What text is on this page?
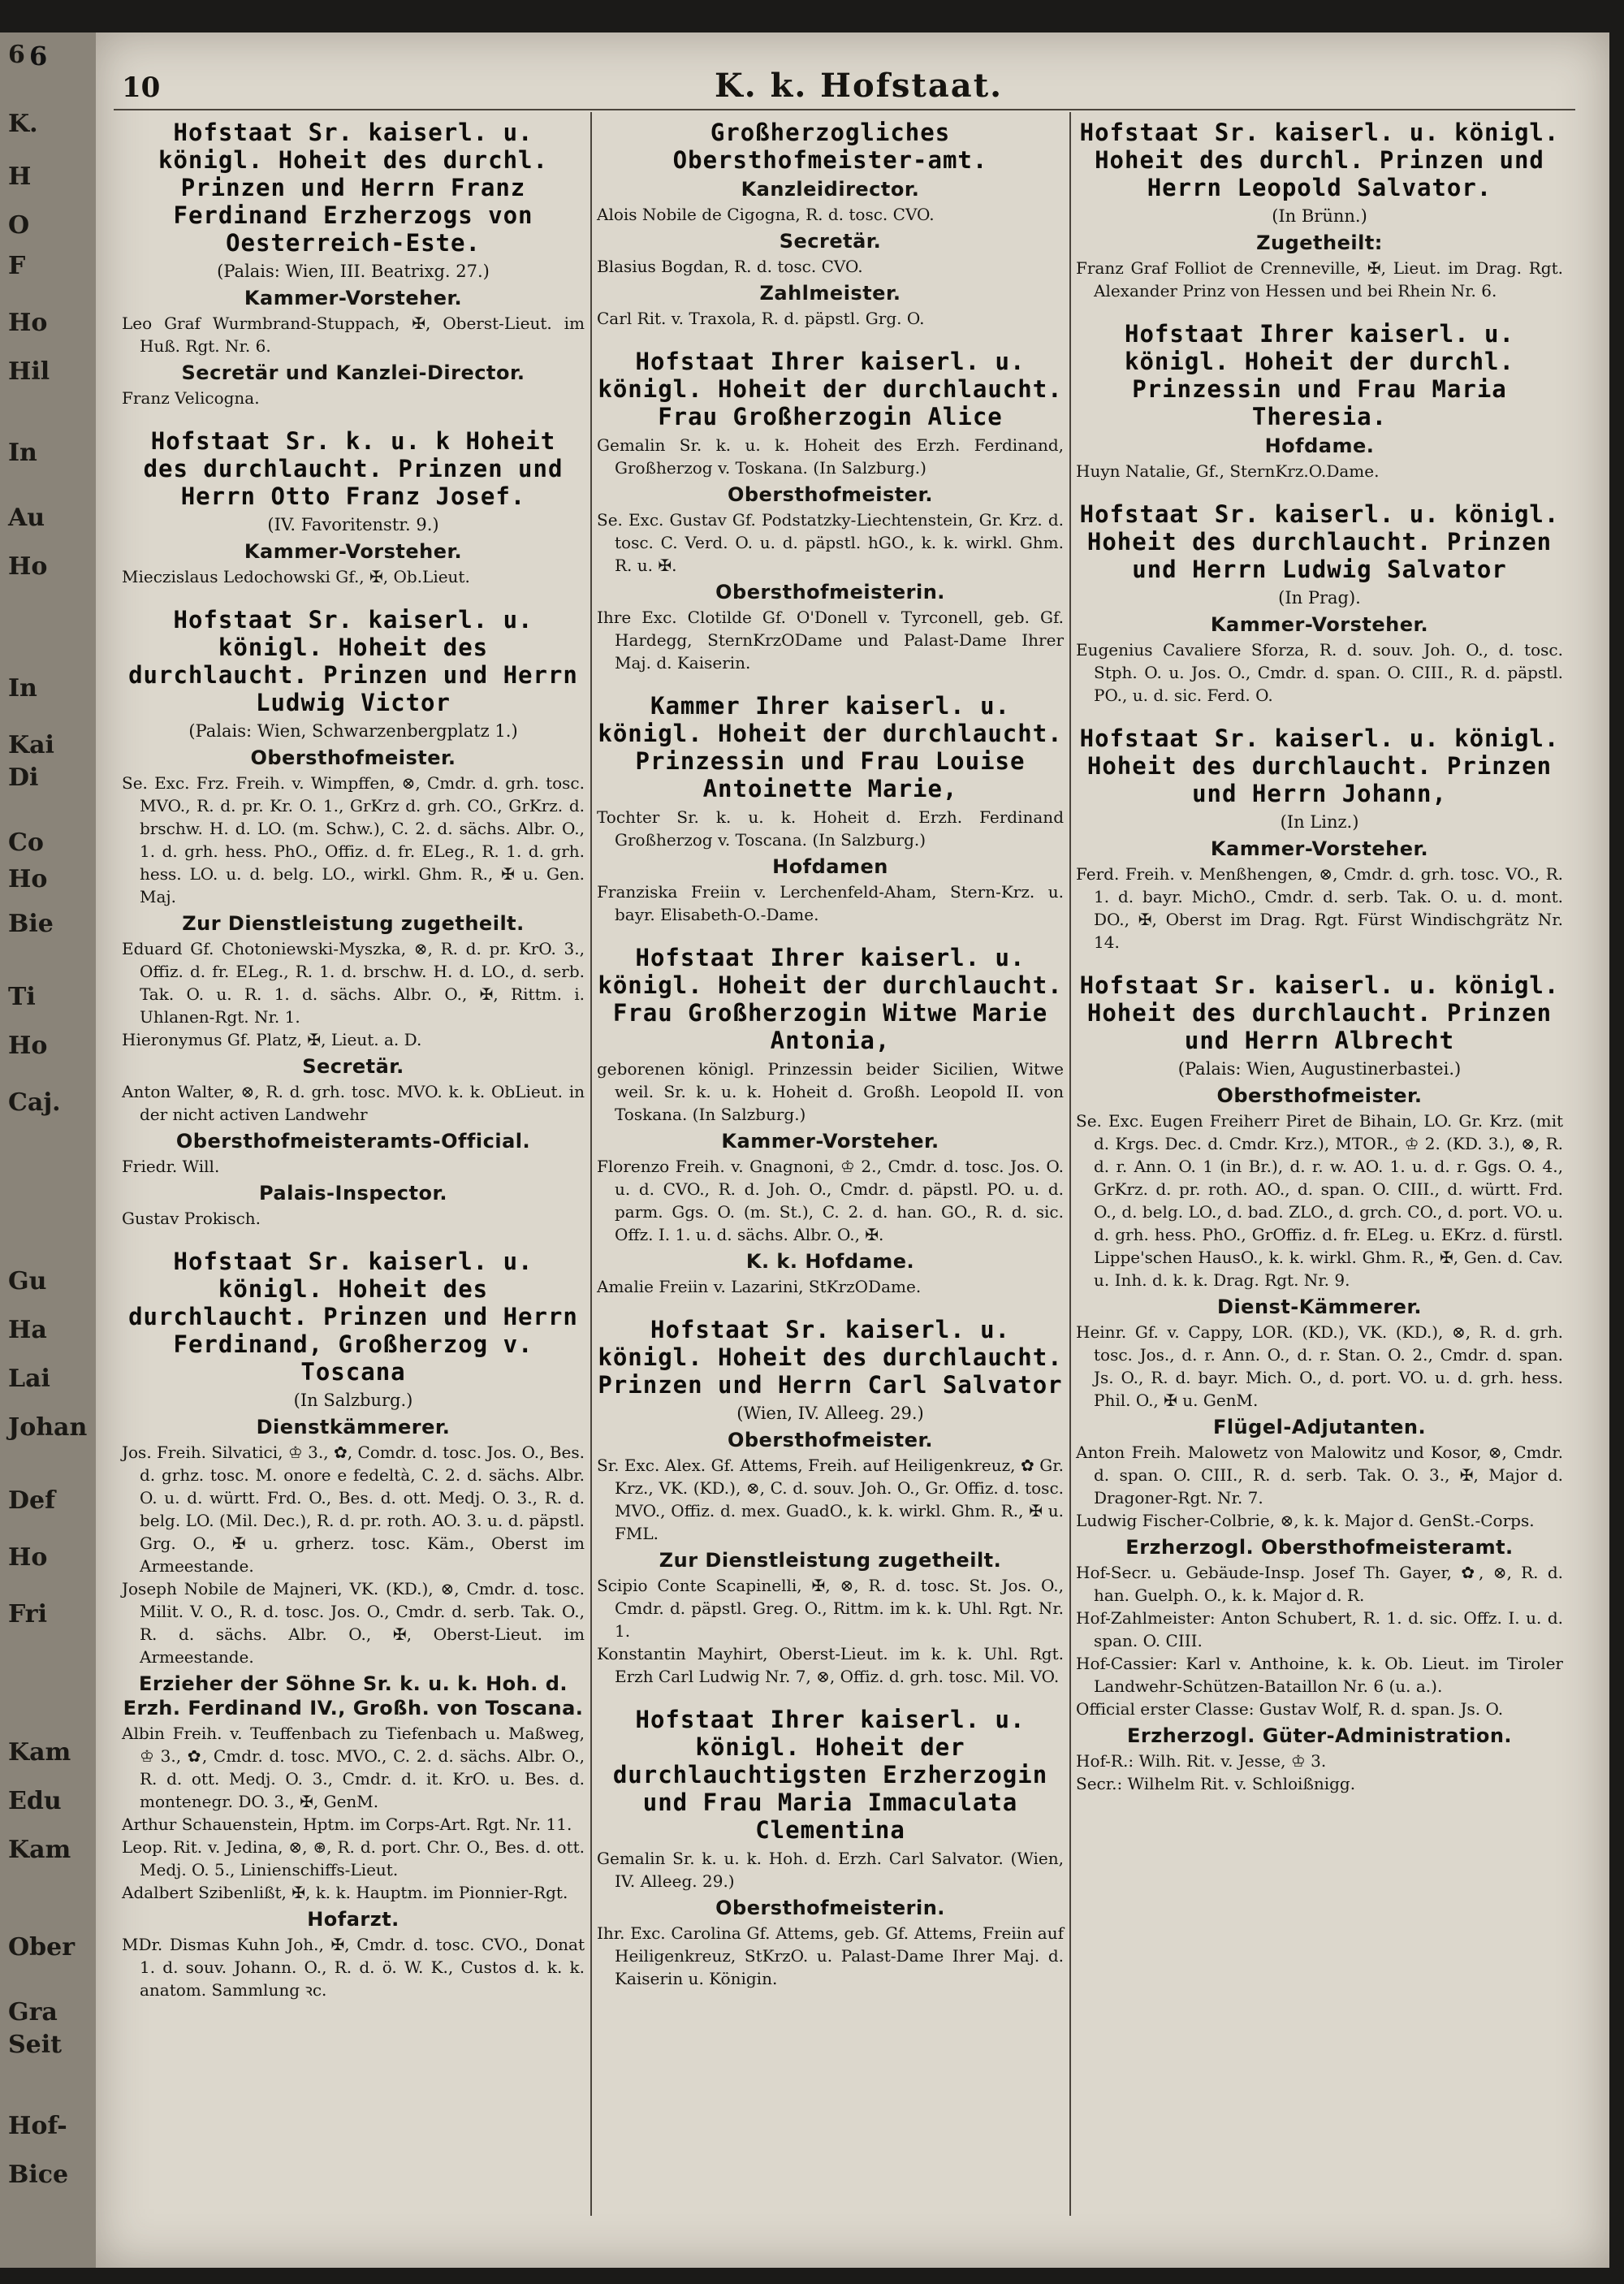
6
K.
H
O
F
Ho
Hil
In
Au
Ho
In
Kai
Di
Co
Ho
Bie
Ti
Ho
Caj.
Gu
Ha
Lai
Johan
Def
Ho
Fri
Kam
Edu
Kam
Ober
Gra
Seit
Hof-
Bice
6
10	K. k. Hofstaat.
Hofstaat Sr. kaiserl. u. königl. Hoheit des durchl. Prinzen und Herrn Franz Ferdinand Erzherzogs von Oesterreich-Este.
(Palais: Wien, III. Beatrixg. 27.)
Kammer-Vorsteher.

Leo Graf Wurmbrand-Stuppach, ✠, Oberst-Lieut. im Huß. Rgt. Nr. 6.

Secretär und Kanzlei-Director.

Franz Velicogna.

Hofstaat Sr. k. u. k Hoheit des durchlaucht. Prinzen und Herrn Otto Franz Josef.
(IV. Favoritenstr. 9.)
Kammer-Vorsteher.

Mieczislaus Ledochowski Gf., ✠, Ob.Lieut.

Hofstaat Sr. kaiserl. u. königl. Hoheit des durchlaucht. Prinzen und Herrn Ludwig Victor
(Palais: Wien, Schwarzenbergplatz 1.)
Obersthofmeister.

Se. Exc. Frz. Freih. v. Wimpffen, ⊗, Cmdr. d. grh. tosc. MVO., R. d. pr. Kr. O. 1., GrKrz d. grh. CO., GrKrz. d. brschw. H. d. LO. (m. Schw.), C. 2. d. sächs. Albr. O., 1. d. grh. hess. PhO., Offiz. d. fr. ELeg., R. 1. d. grh. hess. LO. u. d. belg. LO., wirkl. Ghm. R., ✠ u. Gen. Maj.

Zur Dienstleistung zugetheilt.

Eduard Gf. Chotoniewski-Myszka, ⊗, R. d. pr. KrO. 3., Offiz. d. fr. ELeg., R. 1. d. brschw. H. d. LO., d. serb. Tak. O. u. R. 1. d. sächs. Albr. O., ✠, Rittm. i. Uhlanen-Rgt. Nr. 1.

Hieronymus Gf. Platz, ✠, Lieut. a. D.

Secretär.

Anton Walter, ⊗, R. d. grh. tosc. MVO. k. k. ObLieut. in der nicht activen Landwehr

Obersthofmeisteramts-Official.

Friedr. Will.

Palais-Inspector.

Gustav Prokisch.

Hofstaat Sr. kaiserl. u. königl. Hoheit des durchlaucht. Prinzen und Herrn Ferdinand, Großherzog v. Toscana
(In Salzburg.)
Dienstkämmerer.

Jos. Freih. Silvatici, ♔ 3., ✿, Comdr. d. tosc. Jos. O., Bes. d. grhz. tosc. M. onore e fedeltà, C. 2. d. sächs. Albr. O. u. d. württ. Frd. O., Bes. d. ott. Medj. O. 3., R. d. belg. LO. (Mil. Dec.), R. d. pr. roth. AO. 3. u. d. päpstl. Grg. O., ✠ u. grherz. tosc. Käm., Oberst im Armeestande.

Joseph Nobile de Majneri, VK. (KD.), ⊗, Cmdr. d. tosc. Milit. V. O., R. d. tosc. Jos. O., Cmdr. d. serb. Tak. O., R. d. sächs. Albr. O., ✠, Oberst-Lieut. im Armeestande.

Erzieher der Söhne Sr. k. u. k. Hoh. d. Erzh. Ferdinand IV., Großh. von Toscana.

Albin Freih. v. Teuffenbach zu Tiefenbach u. Maßweg, ♔ 3., ✿, Cmdr. d. tosc. MVO., C. 2. d. sächs. Albr. O., R. d. ott. Medj. O. 3., Cmdr. d. it. KrO. u. Bes. d. montenegr. DO. 3., ✠, GenM.

Arthur Schauenstein, Hptm. im Corps-Art. Rgt. Nr. 11.

Leop. Rit. v. Jedina, ⊗, ⊛, R. d. port. Chr. O., Bes. d. ott. Medj. O. 5., Linienschiffs-Lieut.

Adalbert Szibenlißt, ✠, k. k. Hauptm. im Pionnier-Rgt.

Hofarzt.

MDr. Dismas Kuhn Joh., ✠, Cmdr. d. tosc. CVO., Donat 1. d. souv. Johann. O., R. d. ö. W. K., Custos d. k. k. anatom. Sammlung ꝛc.

Großherzogliches Obersthofmeister-amt.
Kanzleidirector.

Alois Nobile de Cigogna, R. d. tosc. CVO.

Secretär.

Blasius Bogdan, R. d. tosc. CVO.

Zahlmeister.

Carl Rit. v. Traxola, R. d. päpstl. Grg. O.

Hofstaat Ihrer kaiserl. u. königl. Hoheit der durchlaucht. Frau Großherzogin Alice

Gemalin Sr. k. u. k. Hoheit des Erzh. Ferdinand, Großherzog v. Toskana. (In Salzburg.)

Obersthofmeister.

Se. Exc. Gustav Gf. Podstatzky-Liechtenstein, Gr. Krz. d. tosc. C. Verd. O. u. d. päpstl. hGO., k. k. wirkl. Ghm. R. u. ✠.

Obersthofmeisterin.

Ihre Exc. Clotilde Gf. O'Donell v. Tyrconell, geb. Gf. Hardegg, SternKrzODame und Palast-Dame Ihrer Maj. d. Kaiserin.

Kammer Ihrer kaiserl. u. königl. Hoheit der durchlaucht. Prinzessin und Frau Louise Antoinette Marie,

Tochter Sr. k. u. k. Hoheit d. Erzh. Ferdinand Großherzog v. Toscana. (In Salzburg.)

Hofdamen

Franziska Freiin v. Lerchenfeld-Aham, Stern-Krz. u. bayr. Elisabeth-O.-Dame.

Hofstaat Ihrer kaiserl. u. königl. Hoheit der durchlaucht. Frau Großherzogin Witwe Marie Antonia,

geborenen königl. Prinzessin beider Sicilien, Witwe weil. Sr. k. u. k. Hoheit d. Großh. Leopold II. von Toskana. (In Salzburg.)

Kammer-Vorsteher.

Florenzo Freih. v. Gnagnoni, ♔ 2., Cmdr. d. tosc. Jos. O. u. d. CVO., R. d. Joh. O., Cmdr. d. päpstl. PO. u. d. parm. Ggs. O. (m. St.), C. 2. d. han. GO., R. d. sic. Offz. I. 1. u. d. sächs. Albr. O., ✠.

K. k. Hofdame.

Amalie Freiin v. Lazarini, StKrzODame.

Hofstaat Sr. kaiserl. u. königl. Hoheit des durchlaucht. Prinzen und Herrn Carl Salvator
(Wien, IV. Alleeg. 29.)
Obersthofmeister.

Sr. Exc. Alex. Gf. Attems, Freih. auf Heiligenkreuz, ✿ Gr. Krz., VK. (KD.), ⊗, C. d. souv. Joh. O., Gr. Offiz. d. tosc. MVO., Offiz. d. mex. GuadO., k. k. wirkl. Ghm. R., ✠ u. FML.

Zur Dienstleistung zugetheilt.

Scipio Conte Scapinelli, ✠, ⊗, R. d. tosc. St. Jos. O., Cmdr. d. päpstl. Greg. O., Rittm. im k. k. Uhl. Rgt. Nr. 1.

Konstantin Mayhirt, Oberst-Lieut. im k. k. Uhl. Rgt. Erzh Carl Ludwig Nr. 7, ⊗, Offiz. d. grh. tosc. Mil. VO.

Hofstaat Ihrer kaiserl. u. königl. Hoheit der durchlauchtigsten Erzherzogin und Frau Maria Immaculata Clementina

Gemalin Sr. k. u. k. Hoh. d. Erzh. Carl Salvator. (Wien, IV. Alleeg. 29.)

Obersthofmeisterin.

Ihr. Exc. Carolina Gf. Attems, geb. Gf. Attems, Freiin auf Heiligenkreuz, StKrzO. u. Palast-Dame Ihrer Maj. d. Kaiserin u. Königin.

Hofstaat Sr. kaiserl. u. königl. Hoheit des durchl. Prinzen und Herrn Leopold Salvator.
(In Brünn.)
Zugetheilt:

Franz Graf Folliot de Crenneville, ✠, Lieut. im Drag. Rgt. Alexander Prinz von Hessen und bei Rhein Nr. 6.

Hofstaat Ihrer kaiserl. u. königl. Hoheit der durchl. Prinzessin und Frau Maria Theresia.
Hofdame.

Huyn Natalie, Gf., SternKrz.O.Dame.

Hofstaat Sr. kaiserl. u. königl. Hoheit des durchlaucht. Prinzen und Herrn Ludwig Salvator
(In Prag).
Kammer-Vorsteher.

Eugenius Cavaliere Sforza, R. d. souv. Joh. O., d. tosc. Stph. O. u. Jos. O., Cmdr. d. span. O. CIII., R. d. päpstl. PO., u. d. sic. Ferd. O.

Hofstaat Sr. kaiserl. u. königl. Hoheit des durchlaucht. Prinzen und Herrn Johann,
(In Linz.)
Kammer-Vorsteher.

Ferd. Freih. v. Menßhengen, ⊗, Cmdr. d. grh. tosc. VO., R. 1. d. bayr. MichO., Cmdr. d. serb. Tak. O. u. d. mont. DO., ✠, Oberst im Drag. Rgt. Fürst Windischgrätz Nr. 14.

Hofstaat Sr. kaiserl. u. königl. Hoheit des durchlaucht. Prinzen und Herrn Albrecht
(Palais: Wien, Augustinerbastei.)
Obersthofmeister.

Se. Exc. Eugen Freiherr Piret de Bihain, LO. Gr. Krz. (mit d. Krgs. Dec. d. Cmdr. Krz.), MTOR., ♔ 2. (KD. 3.), ⊗, R. d. r. Ann. O. 1 (in Br.), d. r. w. AO. 1. u. d. r. Ggs. O. 4., GrKrz. d. pr. roth. AO., d. span. O. CIII., d. württ. Frd. O., d. belg. LO., d. bad. ZLO., d. grch. CO., d. port. VO. u. d. grh. hess. PhO., GrOffiz. d. fr. ELeg. u. EKrz. d. fürstl. Lippe'schen HausO., k. k. wirkl. Ghm. R., ✠, Gen. d. Cav. u. Inh. d. k. k. Drag. Rgt. Nr. 9.

Dienst-Kämmerer.

Heinr. Gf. v. Cappy, LOR. (KD.), VK. (KD.), ⊗, R. d. grh. tosc. Jos., d. r. Ann. O., d. r. Stan. O. 2., Cmdr. d. span. Js. O., R. d. bayr. Mich. O., d. port. VO. u. d. grh. hess. Phil. O., ✠ u. GenM.

Flügel-Adjutanten.

Anton Freih. Malowetz von Malowitz und Kosor, ⊗, Cmdr. d. span. O. CIII., R. d. serb. Tak. O. 3., ✠, Major d. Dragoner-Rgt. Nr. 7.

Ludwig Fischer-Colbrie, ⊗, k. k. Major d. GenSt.-Corps.

Erzherzogl. Obersthofmeisteramt.

Hof-Secr. u. Gebäude-Insp. Josef Th. Gayer, ✿, ⊗, R. d. han. Guelph. O., k. k. Major d. R.

Hof-Zahlmeister: Anton Schubert, R. 1. d. sic. Offz. I. u. d. span. O. CIII.

Hof-Cassier: Karl v. Anthoine, k. k. Ob. Lieut. im Tiroler Landwehr-Schützen-Bataillon Nr. 6 (u. a.).

Official erster Classe: Gustav Wolf, R. d. span. Js. O.

Erzherzogl. Güter-Administration.

Hof-R.: Wilh. Rit. v. Jesse, ♔ 3.

Secr.: Wilhelm Rit. v. Schloißnigg.
